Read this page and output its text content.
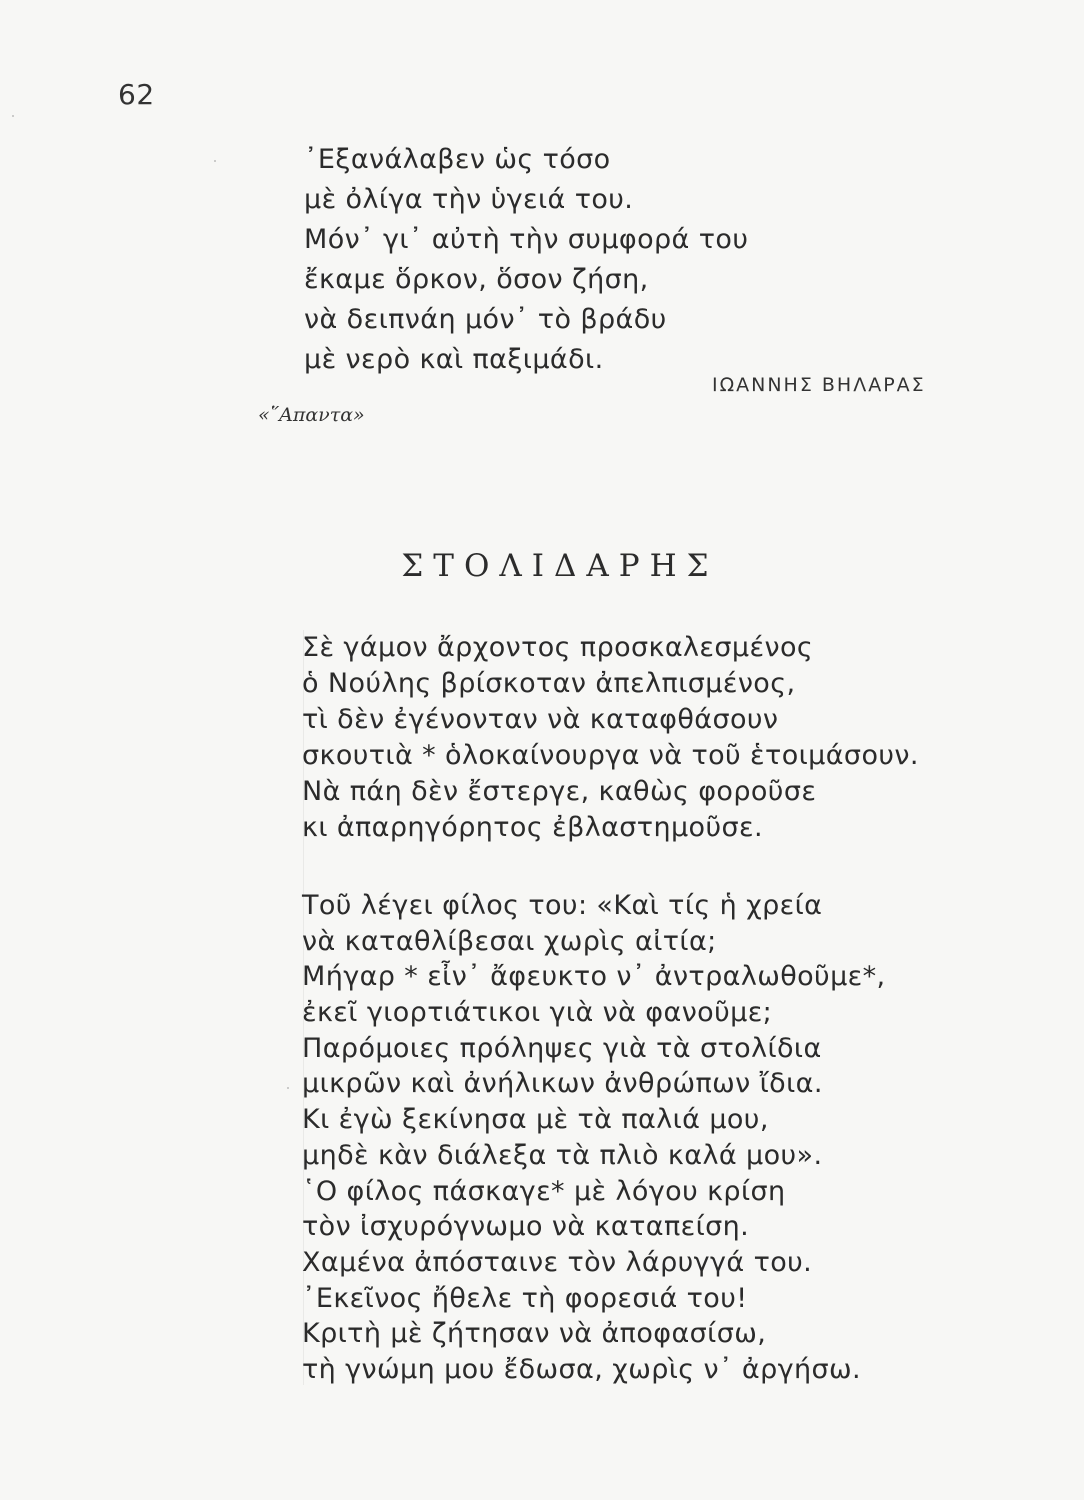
62
᾿Εξανάλαβεν ὡς τόσο
μὲ ὀλίγα τὴν ὑγειά του.
Μόν᾿ γι᾿ αὐτὴ τὴν συμφορά του
ἔκαμε ὅρκον, ὅσον ζήση,
νὰ δειπνάη μόν᾿ τὸ βράδυ
μὲ νερὸ καὶ παξιμάδι.
ΙΩΑΝΝΗΣ ΒΗΛΑΡΑΣ
«῞Απαντα»
ΣΤΟΛΙΔΑΡΗΣ
Σὲ γάμον ἄρχοντος προσκαλεσμένος
ὁ Νούλης βρίσκοταν ἀπελπισμένος,
τὶ δὲν ἐγένονταν νὰ καταφθάσουν
σκουτιὰ * ὁλοκαίνουργα νὰ τοῦ ἑτοιμάσουν.
Νὰ πάη δὲν ἔστεργε, καθὼς φοροῦσε
κι ἀπαρηγόρητος ἐβλαστημοῦσε.
Τοῦ λέγει φίλος του: «Καὶ τίς ἡ χρεία
νὰ καταθλίβεσαι χωρὶς αἰτία;
Μήγαρ * εἶν᾿ ἄφευκτο ν᾿ ἀντραλωθοῦμε*,
ἐκεῖ γιορτιάτικοι γιὰ νὰ φανοῦμε;
Παρόμοιες πρόληψες γιὰ τὰ στολίδια
μικρῶν καὶ ἀνήλικων ἀνθρώπων ἴδια.
Κι ἐγὼ ξεκίνησα μὲ τὰ παλιά μου,
μηδὲ κὰν διάλεξα τὰ πλιὸ καλά μου».
῾Ο φίλος πάσκαγε* μὲ λόγου κρίση
τὸν ἰσχυρόγνωμο νὰ καταπείση.
Χαμένα ἀπόσταινε τὸν λάρυγγά του.
᾿Εκεῖνος ἤθελε τὴ φορεσιά του!
Κριτὴ μὲ ζήτησαν νὰ ἀποφασίσω,
τὴ γνώμη μου ἔδωσα, χωρὶς ν᾿ ἀργήσω.
